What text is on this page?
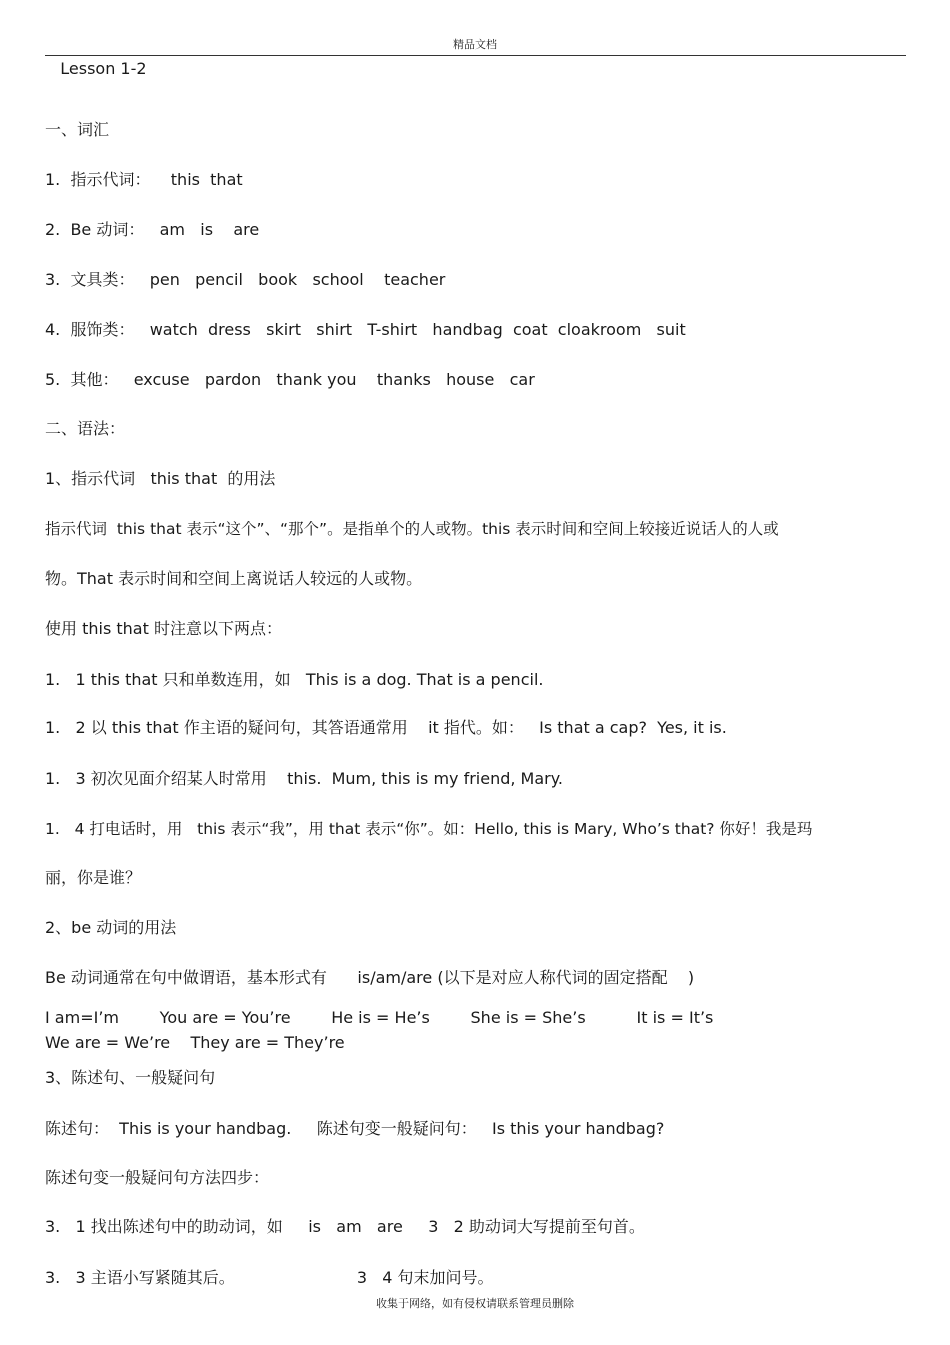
精品文档
Lesson 1-2
一、词汇
1.  指示代词：    this  that
2.  Be 动词：   am   is    are
3.  文具类：   pen   pencil   book   school    teacher
4.  服饰类：   watch  dress   skirt   shirt   T-shirt   handbag  coat  cloakroom   suit
5.  其他：   excuse   pardon   thank you    thanks   house   car
二、语法：
1、指示代词   this that  的用法
指示代词  this that 表示“这个”、“那个”。是指单个的人或物。this 表示时间和空间上较接近说话人的人或
物。That 表示时间和空间上离说话人较远的人或物。
使用 this that 时注意以下两点：
1.   1 this that 只和单数连用，如   This is a dog. That is a pencil.
1.   2 以 this that 作主语的疑问句，其答语通常用    it 指代。如：   Is that a cap?  Yes, it is.
1.   3 初次见面介绍某人时常用    this.  Mum, this is my friend, Mary.
1.   4 打电话时，用   this 表示“我”，用 that 表示“你”。如：Hello, this is Mary, Who’s that? 你好！我是玛
丽，你是谁？
2、be 动词的用法
Be 动词通常在句中做谓语，基本形式有      is/am/are (以下是对应人称代词的固定搭配    )
I am=I’m        You are = You’re        He is = He’s        She is = She’s          It is = It’s
We are = We’re    They are = They’re
3、陈述句、一般疑问句
陈述句：  This is your handbag.     陈述句变一般疑问句：   Is this your handbag?
陈述句变一般疑问句方法四步：
3.   1 找出陈述句中的助动词，如     is   am   are     3   2 助动词大写提前至句首。
3.   3 主语小写紧随其后。                        3   4 句末加问号。
收集于网络，如有侵权请联系管理员删除
